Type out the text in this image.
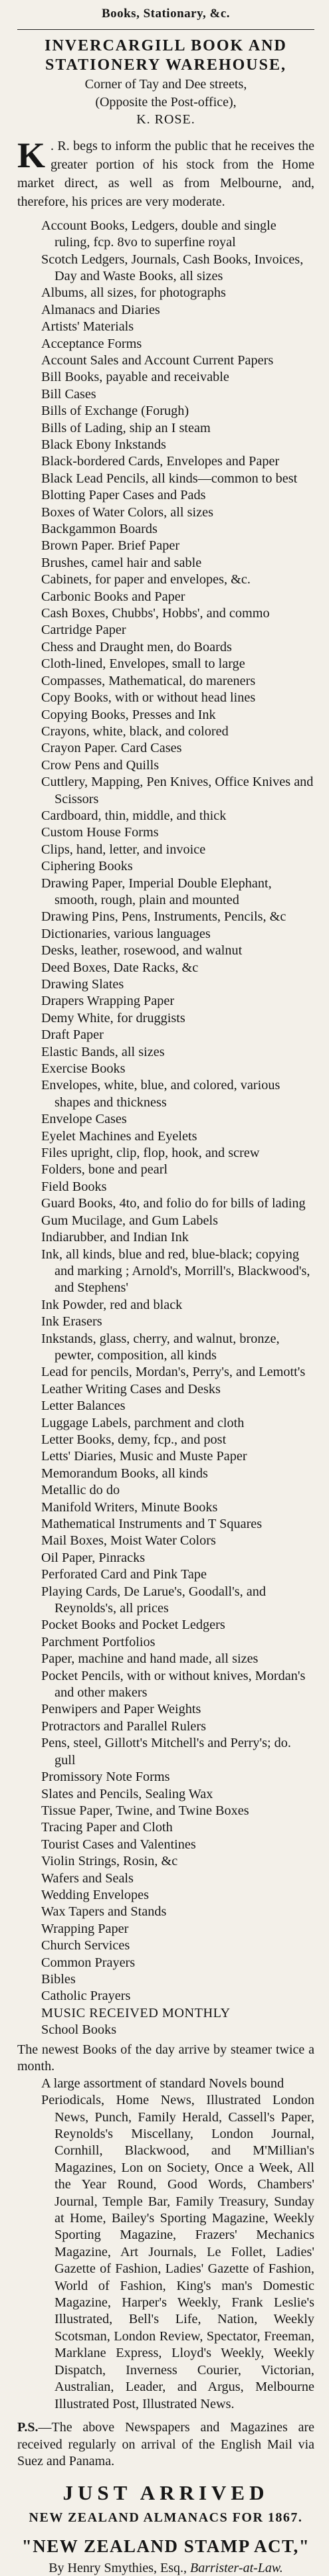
Books, Stationary, &c.
INVERCARGILL BOOK AND
STATIONERY WAREHOUSE,
Corner of Tay and Dee streets,
(Opposite the Post-office),
K. ROSE.
K . R. begs to inform the public that he receives the greater portion of his stock from the Home market direct, as well as from Melbourne, and, therefore, his prices are very moderate.
Account Books, Ledgers, double and single ruling, fcp. 8vo to superfine royal
Scotch Ledgers, Journals, Cash Books, Invoices, Day and Waste Books, all sizes
Albums, all sizes, for photographs
Almanacs and Diaries
Artists' Materials
Acceptance Forms
Account Sales and Account Current Papers
Bill Books, payable and receivable
Bill Cases
Bills of Exchange (Forugh)
Bills of Lading, ship an I steam
Black Ebony Inkstands
Black-bordered Cards, Envelopes and Paper
Black Lead Pencils, all kinds—common to best
Blotting Paper Cases and Pads
Boxes of Water Colors, all sizes
Backgammon Boards
Brown Paper. Brief Paper
Brushes, camel hair and sable
Cabinets, for paper and envelopes, &c.
Carbonic Books and Paper
Cash Boxes, Chubbs', Hobbs', and commo
Cartridge Paper
Chess and Draught men, do Boards
Cloth-lined, Envelopes, small to large
Compasses, Mathematical, do mareners
Copy Books, with or without head lines
Copying Books, Presses and Ink
Crayons, white, black, and colored
Crayon Paper. Card Cases
Crow Pens and Quills
Cuttlery, Mapping, Pen Knives, Office Knives and Scissors
Cardboard, thin, middle, and thick
Custom House Forms
Clips, hand, letter, and invoice
Ciphering Books
Drawing Paper, Imperial Double Elephant, smooth, rough, plain and mounted
Drawing Pins, Pens, Instruments, Pencils, &c
Dictionaries, various languages
Desks, leather, rosewood, and walnut
Deed Boxes, Date Racks, &c
Drawing Slates
Drapers Wrapping Paper
Demy White, for druggists
Draft Paper
Elastic Bands, all sizes
Exercise Books
Envelopes, white, blue, and colored, various shapes and thickness
Envelope Cases
Eyelet Machines and Eyelets
Files upright, clip, flop, hook, and screw
Folders, bone and pearl
Field Books
Guard Books, 4to, and folio do for bills of lading
Gum Mucilage, and Gum Labels
Indiarubber, and Indian Ink
Ink, all kinds, blue and red, blue-black; copying and marking ; Arnold's, Morrill's, Blackwood's, and Stephens'
Ink Powder, red and black
Ink Erasers
Inkstands, glass, cherry, and walnut, bronze, pewter, composition, all kinds
Lead for pencils, Mordan's, Perry's, and Lemott's
Leather Writing Cases and Desks
Letter Balances
Luggage Labels, parchment and cloth
Letter Books, demy, fcp., and post
Letts' Diaries, Music and Muste Paper
Memorandum Books, all kinds
Metallic do do
Manifold Writers, Minute Books
Mathematical Instruments and T Squares
Mail Boxes, Moist Water Colors
Oil Paper, Pinracks
Perforated Card and Pink Tape
Playing Cards, De Larue's, Goodall's, and Reynolds's, all prices
Pocket Books and Pocket Ledgers
Parchment Portfolios
Paper, machine and hand made, all sizes
Pocket Pencils, with or without knives, Mordan's and other makers
Penwipers and Paper Weights
Protractors and Parallel Rulers
Pens, steel, Gillott's Mitchell's and Perry's; do. gull
Promissory Note Forms
Slates and Pencils, Sealing Wax
Tissue Paper, Twine, and Twine Boxes
Tracing Paper and Cloth
Tourist Cases and Valentines
Violin Strings, Rosin, &c
Wafers and Seals
Wedding Envelopes
Wax Tapers and Stands
Wrapping Paper
Church Services
Common Prayers
Bibles
Catholic Prayers
MUSIC RECEIVED MONTHLY
School Books
The newest Books of the day arrive by steamer twice a month.
A large assortment of standard Novels bound
Periodicals, Home News, Illustrated London News, Punch, Family Herald, Cassell's Paper, Reynolds's Miscellany, London Journal, Cornhill, Blackwood, and M'Millian's Magazines, Lon on Society, Once a Week, All the Year Round, Good Words, Chambers' Journal, Temple Bar, Family Treasury, Sunday at Home, Bailey's Sporting Magazine, Weekly Sporting Magazine, Frazers' Mechanics Magazine, Art Journals, Le Follet, Ladies' Gazette of Fashion, Ladies' Gazette of Fashion, World of Fashion, King's man's Domestic Magazine, Harper's Weekly, Frank Leslie's Illustrated, Bell's Life, Nation, Weekly Scotsman, London Review, Spectator, Freeman, Marklane Express, Lloyd's Weekly, Weekly Dispatch, Inverness Courier, Victorian, Australian, Leader, and Argus, Melbourne Illustrated Post, Illustrated News.
P.S.—The above Newspapers and Magazines are received regularly on arrival of the English Mail via Suez and Panama.
JUST ARRIVED
NEW ZEALAND ALMANACS FOR 1867.
"NEW ZEALAND STAMP ACT,"
By Henry Smythies, Esq., Barrister-at-Law.
